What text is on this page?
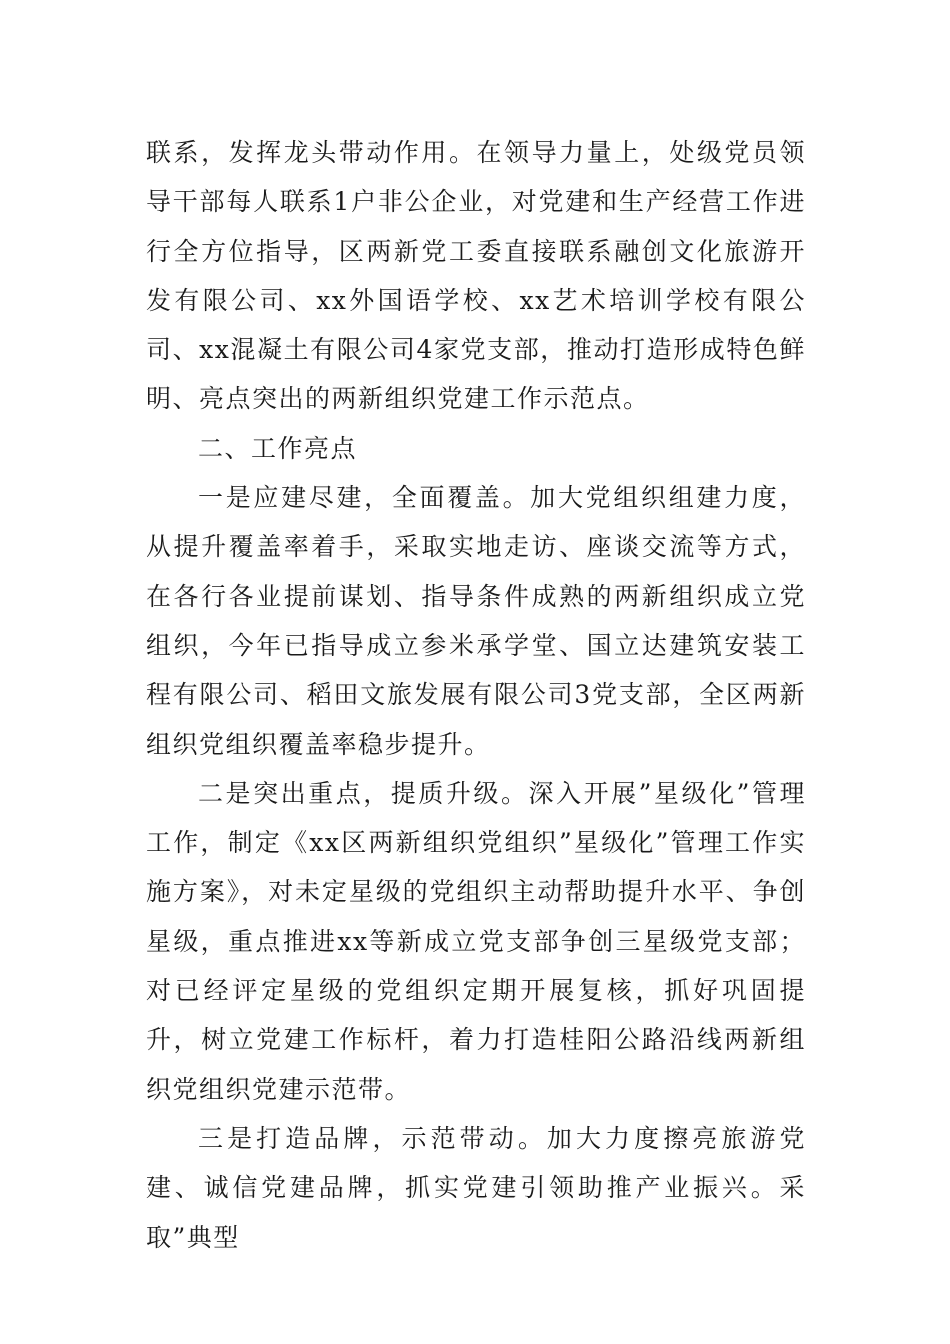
联系，发挥龙头带动作用。在领导力量上，处级党员领导干部每人联系1户非公企业，对党建和生产经营工作进行全方位指导，区两新党工委直接联系融创文化旅游开发有限公司、xx外国语学校、xx艺术培训学校有限公司、xx混凝土有限公司4家党支部，推动打造形成特色鲜明、亮点突出的两新组织党建工作示范点。

二、工作亮点

一是应建尽建，全面覆盖。加大党组织组建力度，从提升覆盖率着手，采取实地走访、座谈交流等方式，在各行各业提前谋划、指导条件成熟的两新组织成立党组织，今年已指导成立参米承学堂、国立达建筑安装工程有限公司、稻田文旅发展有限公司3党支部，全区两新组织党组织覆盖率稳步提升。

二是突出重点，提质升级。深入开展”星级化”管理工作，制定《xx区两新组织党组织”星级化”管理工作实施方案》，对未定星级的党组织主动帮助提升水平、争创星级，重点推进xx等新成立党支部争创三星级党支部；对已经评定星级的党组织定期开展复核，抓好巩固提升，树立党建工作标杆，着力打造桂阳公路沿线两新组织党组织党建示范带。

三是打造品牌，示范带动。加大力度擦亮旅游党建、诚信党建品牌，抓实党建引领助推产业振兴。采取”典型
